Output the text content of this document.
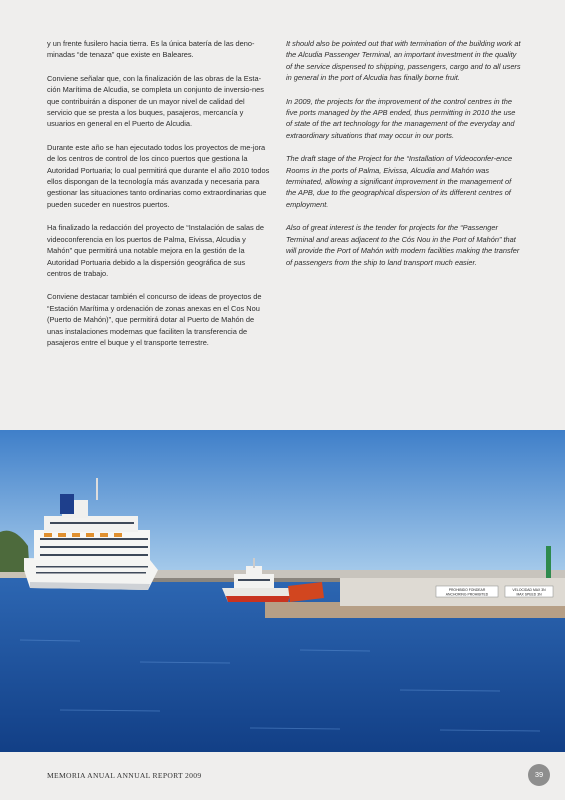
y un frente fusilero hacia tierra. Es la única batería de las deno-minadas “de tenaza” que existe en Baleares.

Conviene señalar que, con la finalización de las obras de la Esta-ción Marítima de Alcudia, se completa un conjunto de inversio-nes que contribuirán a disponer de un mayor nivel de calidad del servicio que se presta a los buques, pasajeros, mercancía y usuarios en general en el Puerto de Alcudia.

Durante este año se han ejecutado todos los proyectos de me-jora de los centros de control de los cinco puertos que gestiona la Autoridad Portuaria; lo cual permitirá que durante el año 2010 todos ellos dispongan de la tecnología más avanzada y necesaria para gestionar las situaciones tanto ordinarias como extraordinarias que pueden suceder en nuestros puertos.

Ha finalizado la redacción del proyecto de “Instalación de salas de videoconferencia en los puertos de Palma, Eivissa, Alcudia y Mahón” que permitirá una notable mejora en la gestión de la Autoridad Portuaria debido a la dispersión geográfica de sus centros de trabajo.

Conviene destacar también el concurso de ideas de proyectos de “Estación Marítima y ordenación de zonas anexas en el Cos Nou (Puerto de Mahón)”, que permitirá dotar al Puerto de Mahón de unas instalaciones modernas que faciliten la transferencia de pasajeros entre el buque y el transporte terrestre.

It should also be pointed out that with termination of the building work at the Alcudia Passenger Terminal, an important investment in the quality of the service dispensed to shipping, passengers, cargo and to all users in general in the port of Alcudia has finally borne fruit.

In 2009, the projects for the improvement of the control centres in the five ports managed by the APB ended, thus permitting in 2010 the use of state of the art technology for the management of the everyday and extraordinary situations that may occur in our ports.

The draft stage of the Project for the “Installation of Videoconfer-ence Rooms in the ports of Palma, Eivissa, Alcudia and Mahón was terminated, allowing a significant improvement in the management of the APB, due to the geographical dispersion of its different centres of employment.

Also of great interest is the tender for projects for the “Passenger Terminal and areas adjacent to the Cós Nou in the Port of Mahón” that will provide the Port of Mahón with modern facilities making the transfer of passengers from the ship to land transport much easier.

PROHIBIDO FONDEAR
ANCHORING PROHIBITED
VELOCIDAD MAX 3N
MAX SPEED 3N
MEMORIA ANUAL ANNUAL REPORT 2009	39
